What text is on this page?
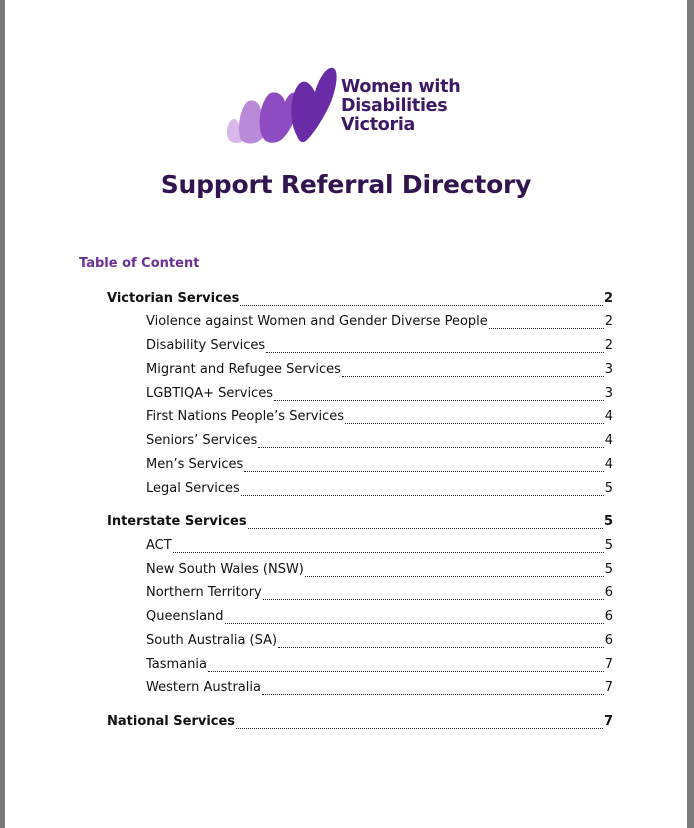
Women with
Disabilities
Victoria
Support Referral Directory
Table of Content
Victorian Services	2
Violence against Women and Gender Diverse People	2
Disability Services	2
Migrant and Refugee Services	3
LGBTIQA+ Services	3
First Nations People’s Services	4
Seniors’ Services	4
Men’s Services	4
Legal Services	5
Interstate Services	5
ACT	5
New South Wales (NSW)	5
Northern Territory	6
Queensland	6
South Australia (SA)	6
Tasmania	7
Western Australia	7
National Services	7
